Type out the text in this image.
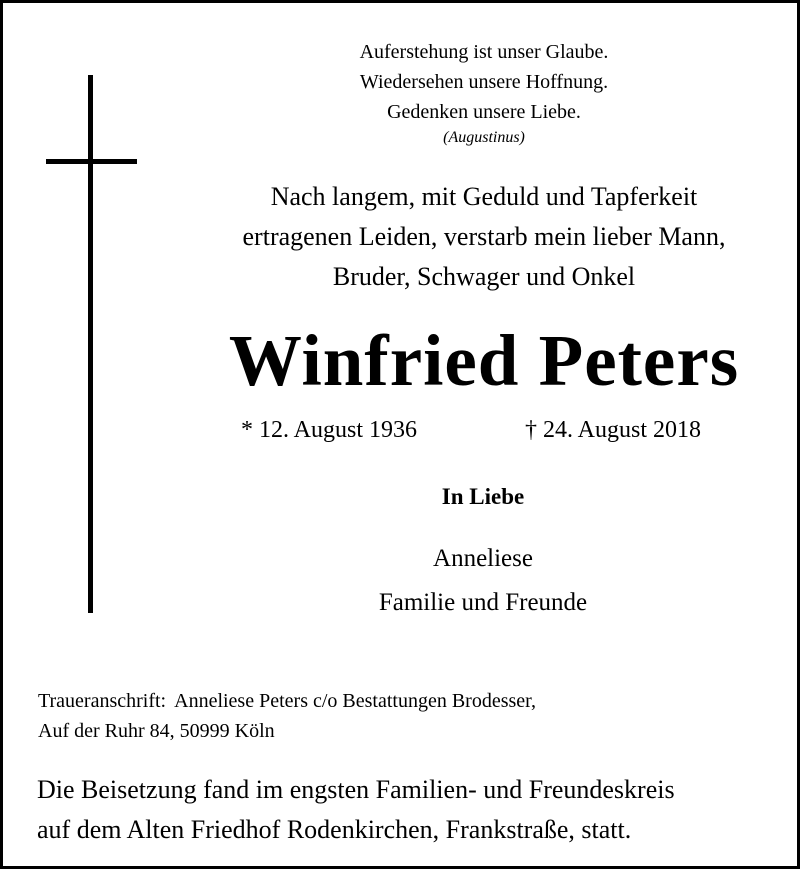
Auferstehung ist unser Glaube.
Wiedersehen unsere Hoffnung.
Gedenken unsere Liebe.
(Augustinus)
Nach langem, mit Geduld und Tapferkeit
ertragenen Leiden, verstarb mein lieber Mann,
Bruder, Schwager und Onkel
Winfried Peters
* 12. August 1936	† 24. August 2018
In Liebe
Anneliese
Familie und Freunde
Traueranschrift: Anneliese Peters c/o Bestattungen Brodesser,
Auf der Ruhr 84, 50999 Köln
Die Beisetzung fand im engsten Familien- und Freundeskreis
auf dem Alten Friedhof Rodenkirchen, Frankstraße, statt.
